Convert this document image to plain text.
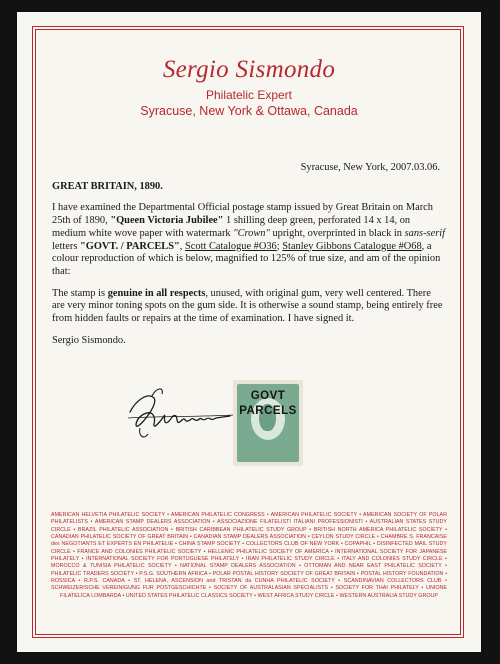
Sergio Sismondo
Philatelic Expert
Syracuse, New York & Ottawa, Canada
Syracuse, New York, 2007.03.06.
GREAT BRITAIN, 1890.

I have examined the Departmental Official postage stamp issued by Great Britain on March 25th of 1890, "Queen Victoria Jubilee" 1 shilling deep green, perforated 14 x 14, on medium white wove paper with watermark "Crown" upright, overprinted in black in sans-serif letters "GOVT. / PARCELS", Scott Catalogue #O36; Stanley Gibbons Catalogue #O68, a colour reproduction of which is below, magnified to 125% of true size, and am of the opinion that:

The stamp is genuine in all respects, unused, with original gum, very well centered. There are very minor toning spots on the gum side. It is otherwise a sound stamp, being entirely free from hidden faults or repairs at the time of examination. I have signed it.

Sergio Sismondo.
GOVT
PARCELS
AMERICAN HELVETIA PHILATELIC SOCIETY • AMERICAN PHILATELIC CONGRESS • AMERICAN PHILATELIC SOCIETY • AMERICAN SOCIETY OF POLAR PHILATELISTS • AMERICAN STAMP DEALERS ASSOCIATION • ASSOCIAZIONE FILATELISTI ITALIANI PROFESSIONISTI • AUSTRALIAN STATES STUDY CIRCLE • BRAZIL PHILATELIC ASSOCIATION • BRITISH CARIBBEAN PHILATELIC STUDY GROUP • BRITISH NORTH AMERICA PHILATELIC SOCIETY • CANADIAN PHILATELIC SOCIETY OF GREAT BRITAIN • CANADIAN STAMP DEALERS ASSOCIATION • CEYLON STUDY CIRCLE • CHAMBRE S. FRANCAISE des NEGOTIANTS ET EXPERTS EN PHILATELIE • CHINA STAMP SOCIETY • COLLECTORS CLUB OF NEW YORK • COPAPHIL • DISINFECTED MAIL STUDY CIRCLE • FRANCE AND COLONIES PHILATELIC SOCIETY • HELLENIC PHILATELIC SOCIETY OF AMERICA • INTERNATIONAL SOCIETY FOR JAPANESE PHILATELY • INTERNATIONAL SOCIETY FOR PORTUGUESE PHILATELY • IRAN PHILATELIC STUDY CIRCLE • ITALY AND COLONIES STUDY CIRCLE • MOROCCO & TUNISIA PHILATELIC SOCIETY • NATIONAL STAMP DEALERS ASSOCIATION • OTTOMAN AND NEAR EAST PHILATELIC SOCIETY • PHILATELIC TRADERS SOCIETY • P.S.G. SOUTHERN AFRICA • POLAR POSTAL HISTORY SOCIETY OF GREAT BRITAIN • POSTAL HISTORY FOUNDATION • ROSSICA • R.P.S. CANADA • ST. HELENA, ASCENSION and TRISTAN da CUNHA PHILATELIC SOCIETY • SCANDINAVIAN COLLECTORS CLUB • SCHWEIZERISCHE VEREINIGUNG FUR POSTGESCHICHTE • SOCIETY OF AUSTRALASIAN SPECIALISTS • SOCIETY FOR THAI PHILATELY • UNIONE FILATELICA LOMBARDA • UNITED STATES PHILATELIC CLASSICS SOCIETY • WEST AFRICA STUDY CIRCLE • WESTERN AUSTRALIA STUDY GROUP
